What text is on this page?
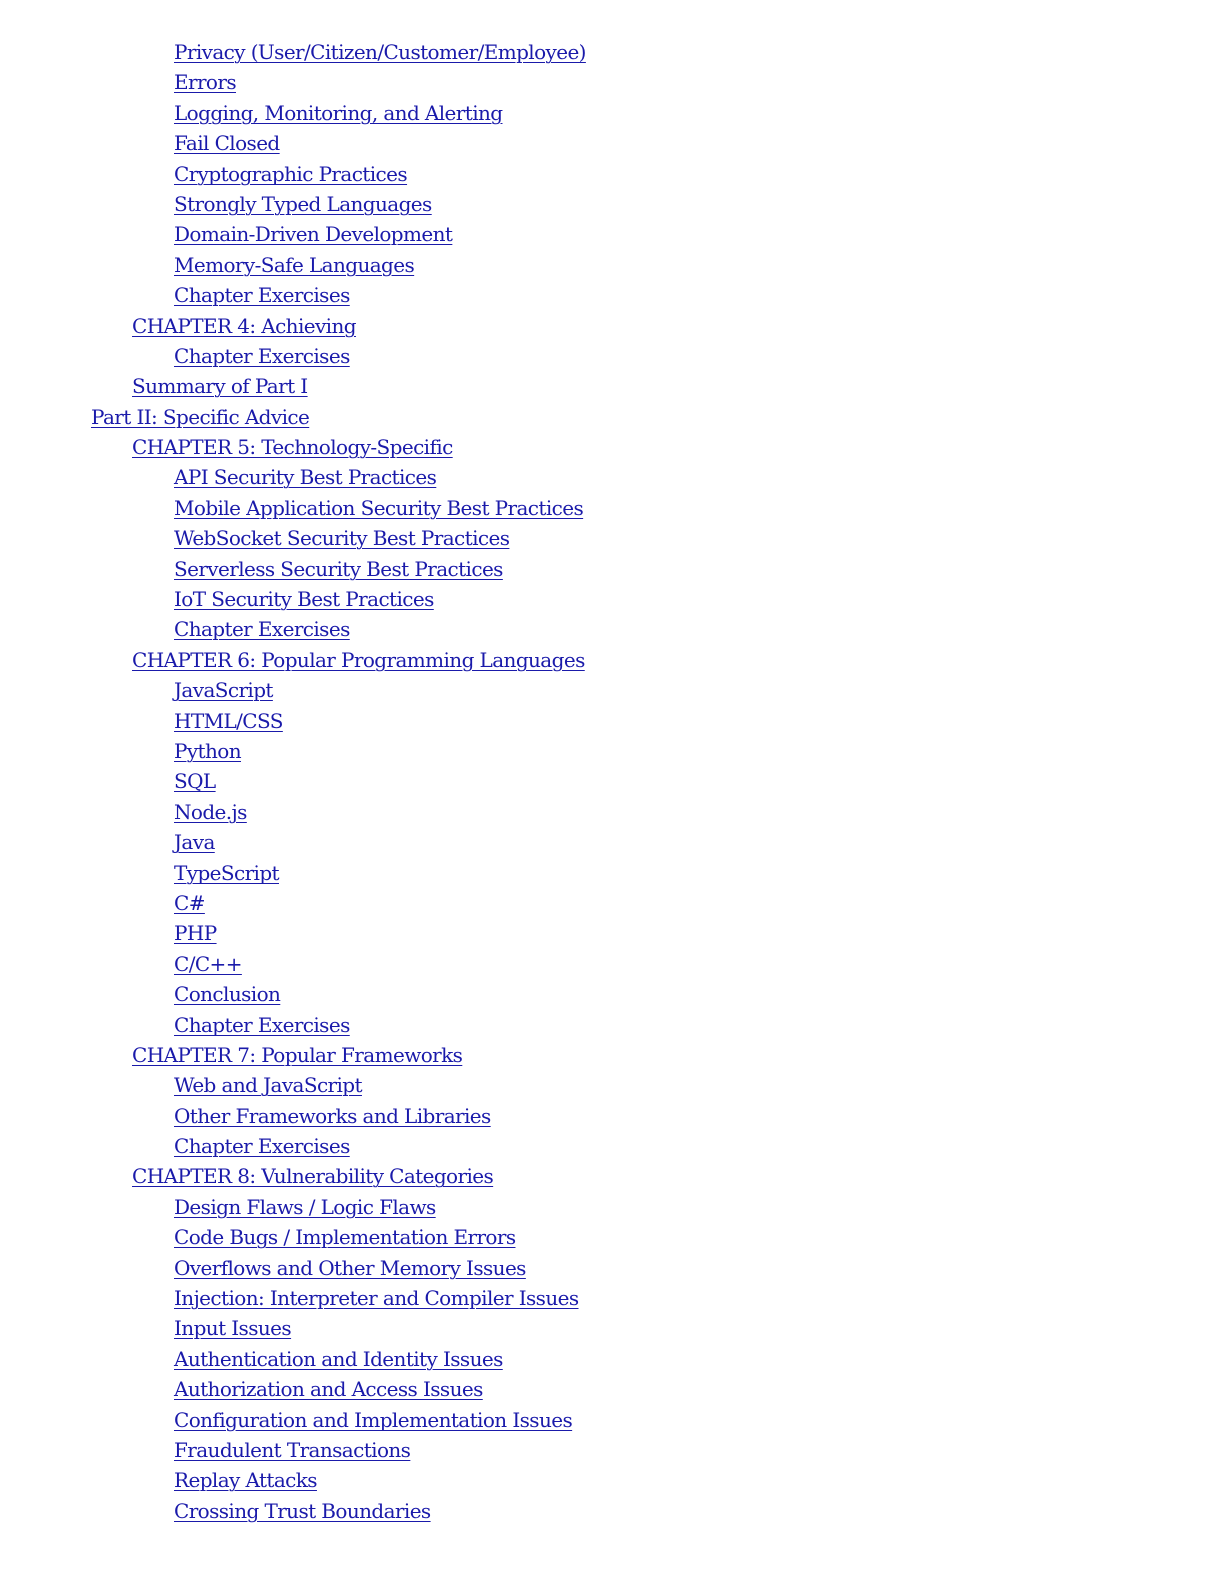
Privacy (User/Citizen/Customer/Employee)
Errors
Logging, Monitoring, and Alerting
Fail Closed
Cryptographic Practices
Strongly Typed Languages
Domain-Driven Development
Memory-Safe Languages
Chapter Exercises
CHAPTER 4: Achieving
Chapter Exercises
Summary of Part I
Part II: Specific Advice
CHAPTER 5: Technology-Specific
API Security Best Practices
Mobile Application Security Best Practices
WebSocket Security Best Practices
Serverless Security Best Practices
IoT Security Best Practices
Chapter Exercises
CHAPTER 6: Popular Programming Languages
JavaScript
HTML/CSS
Python
SQL
Node.js
Java
TypeScript
C#
PHP
C/C++
Conclusion
Chapter Exercises
CHAPTER 7: Popular Frameworks
Web and JavaScript
Other Frameworks and Libraries
Chapter Exercises
CHAPTER 8: Vulnerability Categories
Design Flaws / Logic Flaws
Code Bugs / Implementation Errors
Overflows and Other Memory Issues
Injection: Interpreter and Compiler Issues
Input Issues
Authentication and Identity Issues
Authorization and Access Issues
Configuration and Implementation Issues
Fraudulent Transactions
Replay Attacks
Crossing Trust Boundaries
